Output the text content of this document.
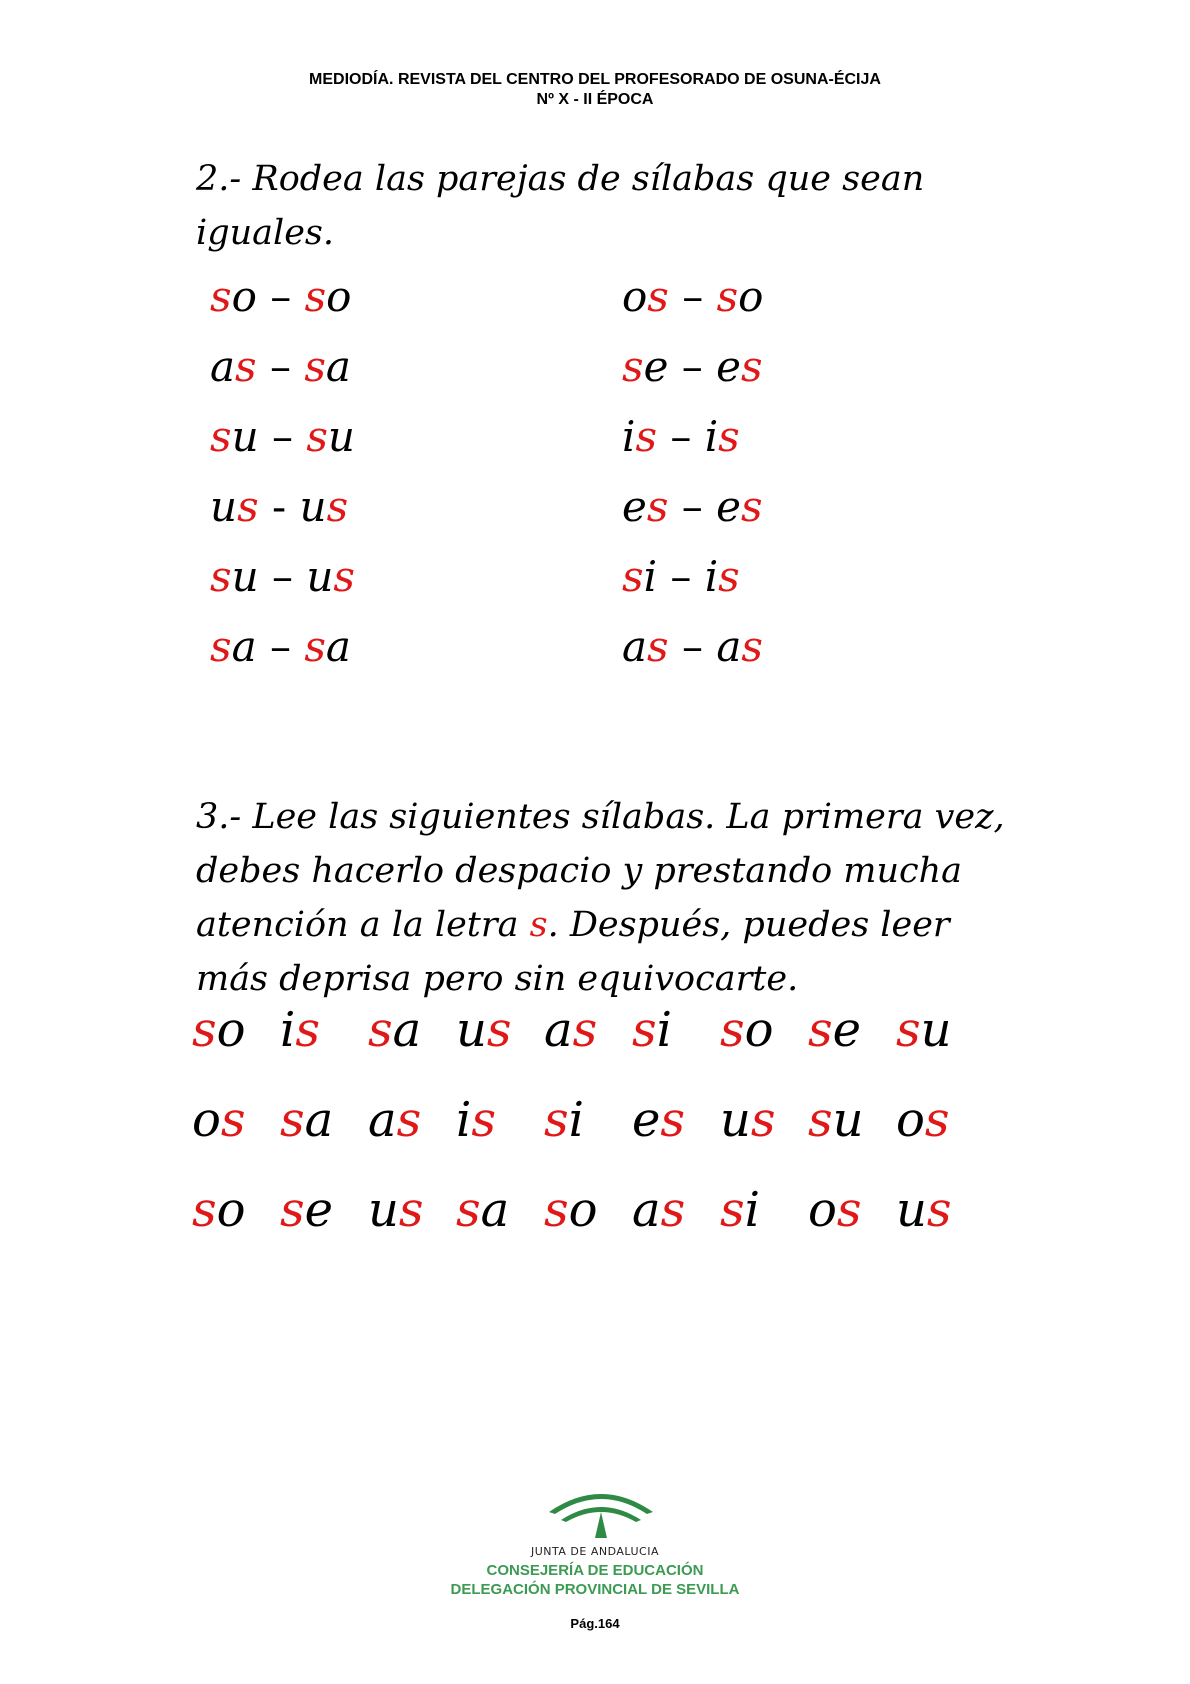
MEDIODÍA. REVISTA DEL CENTRO DEL PROFESORADO DE OSUNA-ÉCIJA
Nº X - II ÉPOCA
2.- Rodea las parejas de sílabas que sean iguales.
so – so
as – sa
su – su
us - us
su – us
sa – sa
os – so
se – es
is – is
es – es
si – is
as – as
3.- Lee las siguientes sílabas. La primera vez, debes hacerlo despacio y prestando mucha atención a la letra s. Después, puedes leer más deprisa pero sin equivocarte.
so is sa us as si so se su
os sa as is si es us su os
so se us sa so as si os us
JUNTA DE ANDALUCIA
CONSEJERÍA DE EDUCACIÓN
DELEGACIÓN PROVINCIAL DE SEVILLA
Pág.164
